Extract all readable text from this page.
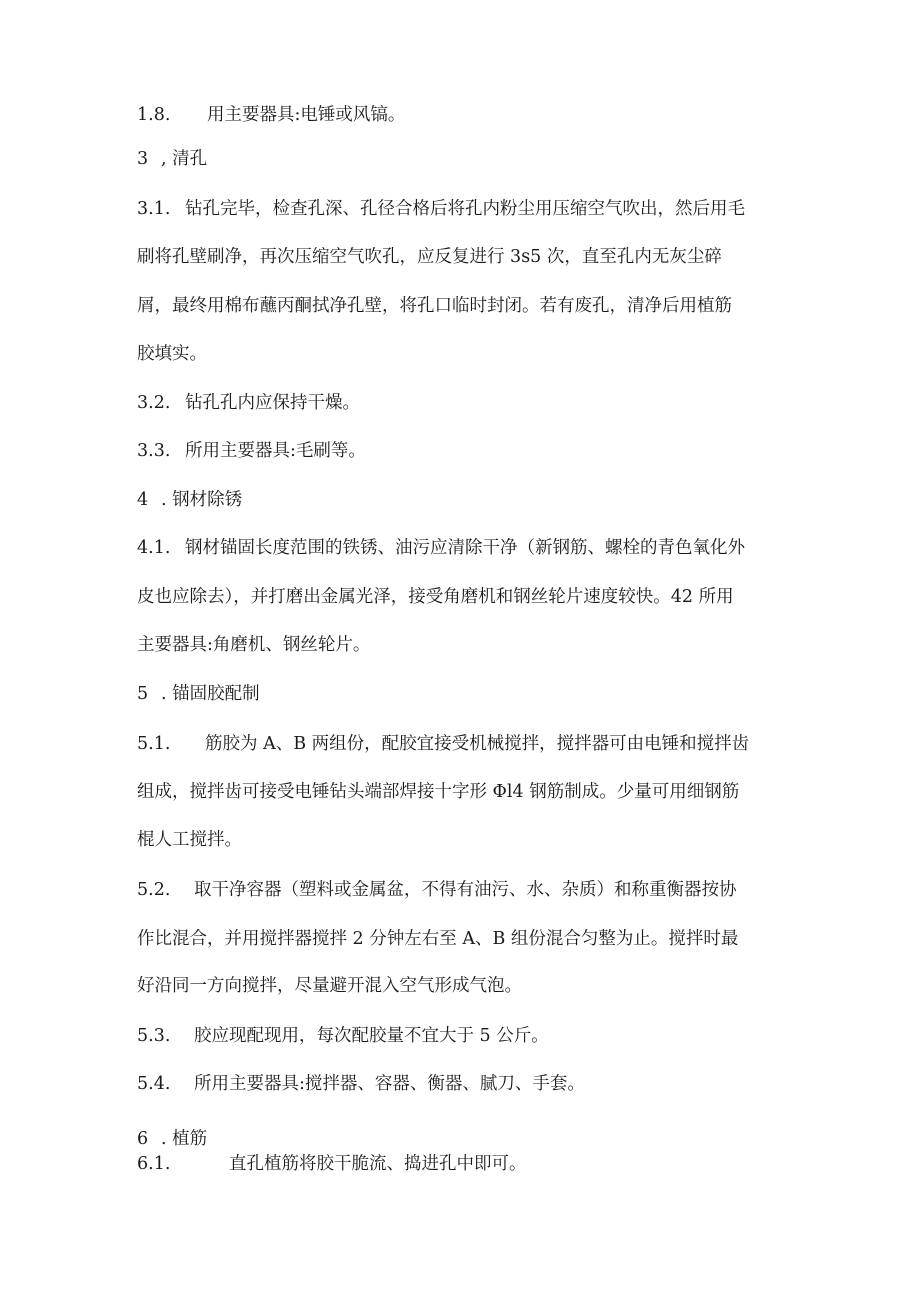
1.8. 用主要器具:电锤或风镐。
3 , 清孔
3.1. 钻孔完毕，检查孔深、孔径合格后将孔内粉尘用压缩空气吹出，然后用毛
刷将孔壁刷净，再次压缩空气吹孔，应反复进行 3s5 次，直至孔内无灰尘碎
屑，最终用棉布蘸丙酮拭净孔壁，将孔口临时封闭。若有废孔，清净后用植筋
胶填实。
3.2. 钻孔孔内应保持干燥。
3.3. 所用主要器具:毛刷等。
4 . 钢材除锈
4.1. 钢材锚固长度范围的铁锈、油污应清除干净（新钢筋、螺栓的青色氧化外
皮也应除去），并打磨出金属光泽，接受角磨机和钢丝轮片速度较快。42 所用
主要器具:角磨机、钢丝轮片。
5 . 锚固胶配制
5.1. 筋胶为 A、B 两组份，配胶宜接受机械搅拌，搅拌器可由电锤和搅拌齿
组成，搅拌齿可接受电锤钻头端部焊接十字形 Φl4 钢筋制成。少量可用细钢筋
棍人工搅拌。
5.2. 取干净容器（塑料或金属盆，不得有油污、水、杂质）和称重衡器按协
作比混合，并用搅拌器搅拌 2 分钟左右至 A、B 组份混合匀整为止。搅拌时最
好沿同一方向搅拌，尽量避开混入空气形成气泡。
5.3. 胶应现配现用，每次配胶量不宜大于 5 公斤。
5.4. 所用主要器具:搅拌器、容器、衡器、腻刀、手套。
6 . 植筋
6.1.	直孔植筋将胶干脆流、捣进孔中即可。
